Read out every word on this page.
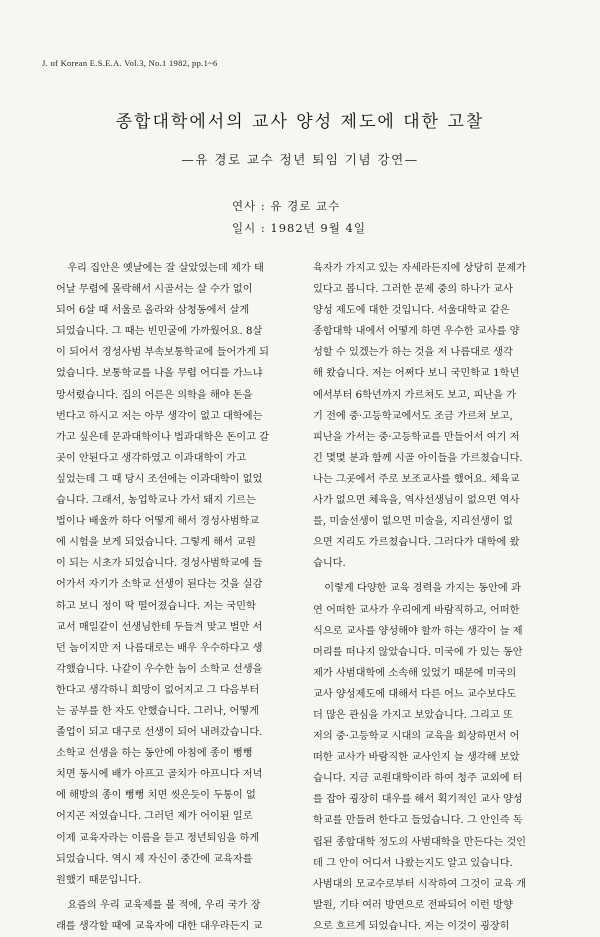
J. of Korean E.S.E.A. Vol.3, No.1 1982, pp.1~6
종합대학에서의 교사 양성 제도에 대한 고찰
—유 경로 교수 정년 퇴임 기념 강연—
연사 : 유 경로 교수
일시 : 1982년 9월 4일

우리 집안은 옛날에는 잘 살았었는데 제가 태
어날 무렵에 몰락해서 시골서는 살 수가 없이
되어 6살 때 서울로 올라와 삼청동에서 살게
되었습니다. 그 때는 빈민굴에 가까웠어요. 8살
이 되어서 경성사범 부속보통학교에 들어가게 되
었습니다. 보통학교를 나올 무렵 어디를 가느냐
망서렸습니다. 집의 어른은 의학을 해야 돈을
번다고 하시고 저는 아무 생각이 없고 대학에는
가고 싶은데 문과대학이나 법과대학은 돈이고 갈
곳이 안된다고 생각하였고 이과대학이 가고
싶었는데 그 때 당시 조선에는 이과대학이 없었
습니다. 그래서, 농업학교나 가서 돼지 기르는
법이나 배울까 하다 어떻게 해서 경성사범학교
에 시험을 보게 되었습니다. 그렇게 해서 교원
이 되는 시초가 되었습니다. 경성사범학교에 들
어가서 자기가 소학교 선생이 된다는 것을 실감
하고 보니 정이 딱 떨어졌습니다. 저는 국민학
교서 매일같이 선생님한테 두들겨 맞고 벌만 서
던 놈이지만 저 나름대로는 배우 우수하다고 생
각했습니다. 나같이 우수한 놈이 소학교 선생을
한다고 생각하니 희망이 없어지고 그 다음부터
는 공부를 한 자도 안했습니다. 그러나, 어떻게
졸업이 되고 대구로 선생이 되어 내려갔습니다.
소학교 선생을 하는 동안에 아침에 종이 뻥뻥
치면 동시에 배가 아프고 골치가 아프니다 저녁
에 해방의 종이 뻥뻥 치면 씻은듯이 두통이 없
어지곤 저였습니다. 그러던 제가 어이된 일로
이제 교육자라는 이름을 듣고 정년퇴임을 하게
되었습니다. 역시 제 자신이 중간에 교육자를
원했기 때문입니다.

요즘의 우리 교육제를 볼 적에, 우리 국가 장
래를 생각할 때에 교육자에 대한 대우라든지 교

육자가 가지고 있는 자세라든지에 상당히 문제가
있다고 봅니다. 그러한 문제 중의 하나가 교사
양성 제도에 대한 것입니다. 서울대학교 같은
종합대학 내에서 어떻게 하면 우수한 교사를 양
성할 수 있겠는가 하는 것을 저 나름대로 생각
해 왔습니다. 저는 어쩌다 보니 국민학교 1학년
에서부터 6학년까지 가르쳐도 보고, 피난을 가
기 전에 중·고등학교에서도 조금 가르쳐 보고,
피난을 가서는 중·고등학교를 만들어서 여기 저
긴 몇몇 분과 함께 시골 아이들을 가르쳤습니다.
나는 그곳에서 주로 보조교사를 했어요. 체육교
사가 없으면 체육을, 역사선생님이 없으면 역사
를, 미술선생이 없으면 미술을, 지리선생이 없
으면 지리도 가르쳤습니다. 그러다가 대학에 왔
습니다.

이렇게 다양한 교육 경력을 가지는 동안에 과
연 어떠한 교사가 우리에게 바람직하고, 어떠한
식으로 교사를 양성해야 할까 하는 생각이 늘 제
머리를 떠나지 않았습니다. 미국에 가 있는 동안
제가 사범대학에 소속해 있었기 때문에 미국의
교사 양성제도에 대해서 다른 어느 교수보다도
더 많은 관심을 가지고 보았습니다. 그리고 또
저의 중·고등학교 시대의 교육을 회상하면서 어
떠한 교사가 바람직한 교사인지 늘 생각해 보았
습니다. 지금 교원대학이라 하여 청주 교외에 터
를 잡아 굉장히 대우를 해서 획기적인 교사 양성
학교를 만들려 한다고 들었습니다. 그 안인즉 독
립된 종합대학 정도의 사범대학을 만든다는 것인
데 그 안이 어디서 나왔는지도 알고 있습니다.
사범대의 모교수로부터 시작하여 그것이 교육 개
발원, 기타 여러 방면으로 전파되어 이런 방향
으로 흐르게 되었습니다. 저는 이것이 굉장히
